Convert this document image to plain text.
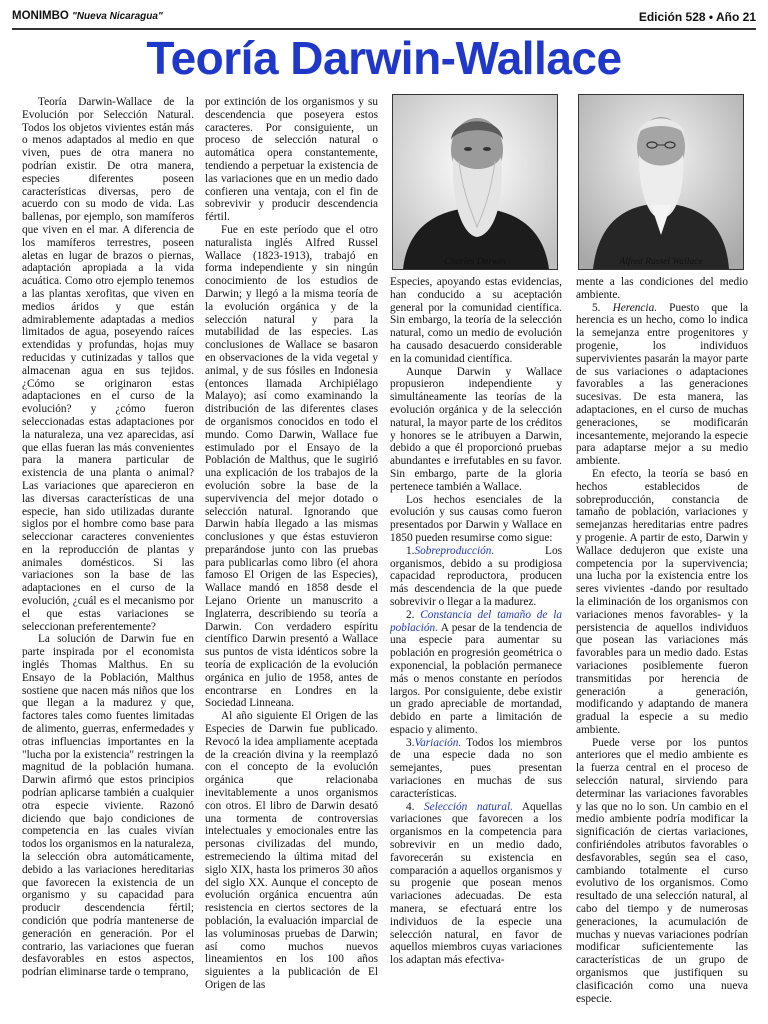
MONIMBO "Nueva Nicaragua"	Edición 528 • Año 21
Teoría Darwin-Wallace
Charles Darwin	Alfred Russel Wallace

Teoría Darwin-Wallace de la Evolución por Selección Natural. Todos los objetos vivientes están más o menos adaptados al medio en que viven, pues de otra manera no podrían existir. De otra manera, especies diferentes poseen características diversas, pero de acuerdo con su modo de vida. Las ballenas, por ejemplo, son mamíferos que viven en el mar. A diferencia de los mamíferos terrestres, poseen aletas en lugar de brazos o piernas, adaptación apropiada a la vida acuática. Como otro ejemplo tenemos a las plantas xerofitas, que viven en medios áridos y que están admirablemente adaptadas a medios limitados de agua, poseyendo raíces extendidas y profundas, hojas muy reducidas y cutinizadas y tallos que almacenan agua en sus tejidos. ¿Cómo se originaron estas adaptaciones en el curso de la evolución? y ¿cómo fueron seleccionadas estas adaptaciones por la naturaleza, una vez aparecidas, así que ellas fueran las más convenientes para la manera particular de existencia de una planta o animal? Las variaciones que aparecieron en las diversas características de una especie, han sido utilizadas durante siglos por el hombre como base para seleccionar caracteres convenientes en la reproducción de plantas y animales domésticos. Si las variaciones son la base de las adaptaciones en el curso de la evolución, ¿cuál es el mecanismo por el que estas variaciones se seleccionan preferentemente?

La solución de Darwin fue en parte inspirada por el economista inglés Thomas Malthus. En su Ensayo de la Población, Malthus sostiene que nacen más niños que los que llegan a la madurez y que, factores tales como fuentes limitadas de alimento, guerras, enfermedades y otras influencias importantes en la "lucha por la existencia" restringen la magnitud de la población humana. Darwin afirmó que estos principios podrían aplicarse también a cualquier otra especie viviente. Razonó diciendo que bajo condiciones de competencia en las cuales vivían todos los organismos en la naturaleza, la selección obra automáticamente, debido a las variaciones hereditarias que favorecen la existencia de un organismo y su capacidad para producir descendencia fértil; condición que podría mantenerse de generación en generación. Por el contrario, las variaciones que fueran desfavorables en estos aspectos, podrían eliminarse tarde o temprano,

por extinción de los organismos y su descendencia que poseyera estos caracteres. Por consiguiente, un proceso de selección natural o automática opera constantemente, tendiendo a perpetuar la existencia de las variaciones que en un medio dado confieren una ventaja, con el fin de sobrevivir y producir descendencia fértil.

Fue en este período que el otro naturalista inglés Alfred Russel Wallace (1823-1913), trabajó en forma independiente y sin ningún conocimiento de los estudios de Darwin; y llegó a la misma teoría de la evolución orgánica y de la selección natural y para la mutabilidad de las especies. Las conclusiones de Wallace se basaron en observaciones de la vida vegetal y animal, y de sus fósiles en Indonesia (entonces llamada Archipiélago Malayo); así como examinando la distribución de las diferentes clases de organismos conocidos en todo el mundo. Como Darwin, Wallace fue estimulado por el Ensayo de la Población de Malthus, que le sugirió una explicación de los trabajos de la evolución sobre la base de la supervivencia del mejor dotado o selección natural. Ignorando que Darwin había llegado a las mismas conclusiones y que éstas estuvieron preparándose junto con las pruebas para publicarlas como libro (el ahora famoso El Origen de las Especies), Wallace mandó en 1858 desde el Lejano Oriente un manuscrito a Inglaterra, describiendo su teoría a Darwin. Con verdadero espíritu científico Darwin presentó a Wallace sus puntos de vista idénticos sobre la teoría de explicación de la evolución orgánica en julio de 1958, antes de encontrarse en Londres en la Sociedad Linneana.

Al año siguiente El Origen de las Especies de Darwin fue publicado. Revocó la idea ampliamente aceptada de la creación divina y la reemplazó con el concepto de la evolución orgánica que relacionaba inevitablemente a unos organismos con otros. El libro de Darwin desató una tormenta de controversias intelectuales y emocionales entre las personas civilizadas del mundo, estremeciendo la última mitad del siglo XIX, hasta los primeros 30 años del siglo XX. Aunque el concepto de evolución orgánica encuentra aún resistencia en ciertos sectores de la población, la evaluación imparcial de las voluminosas pruebas de Darwin; así como muchos nuevos lineamientos en los 100 años siguientes a la publicación de El Origen de las

Especies, apoyando estas evidencias, han conducido a su aceptación general por la comunidad científica. Sin embargo, la teoría de la selección natural, como un medio de evolución ha causado desacuerdo considerable en la comunidad científica.

Aunque Darwin y Wallace propusieron independiente y simultáneamente las teorías de la evolución orgánica y de la selección natural, la mayor parte de los créditos y honores se le atribuyen a Darwin, debido a que él proporcionó pruebas abundantes e irrefutables en su favor. Sin embargo, parte de la gloria pertenece también a Wallace.

Los hechos esenciales de la evolución y sus causas como fueron presentados por Darwin y Wallace en 1850 pueden resumirse como sigue:

1.Sobreproducción. Los organismos, debido a su prodigiosa capacidad reproductora, producen más descendencia de la que puede sobrevivir o llegar a la madurez.

2. Constancia del tamaño de la población. A pesar de la tendencia de una especie para aumentar su población en progresión geométrica o exponencial, la población permanece más o menos constante en períodos largos. Por consiguiente, debe existir un grado apreciable de mortandad, debido en parte a limitación de espacio y alimento.

3.Variación. Todos los miembros de una especie dada no son semejantes, pues presentan variaciones en muchas de sus características.

4. Selección natural. Aquellas variaciones que favorecen a los organismos en la competencia para sobrevivir en un medio dado, favorecerán su existencia en comparación a aquellos organismos y su progenie que posean menos variaciones adecuadas. De esta manera, se efectuará entre los individuos de la especie una selección natural, en favor de aquellos miembros cuyas variaciones los adaptan más efectiva-

mente a las condiciones del medio ambiente.

5. Herencia. Puesto que la herencia es un hecho, como lo indica la semejanza entre progenitores y progenie, los individuos supervivientes pasarán la mayor parte de sus variaciones o adaptaciones favorables a las generaciones sucesivas. De esta manera, las adaptaciones, en el curso de muchas generaciones, se modificarán incesantemente, mejorando la especie para adaptarse mejor a su medio ambiente.

En efecto, la teoría se basó en hechos establecidos de sobreproducción, constancia de tamaño de población, variaciones y semejanzas hereditarias entre padres y progenie. A partir de esto, Darwin y Wallace dedujeron que existe una competencia por la supervivencia; una lucha por la existencia entre los seres vivientes -dando por resultado la eliminación de los organismos con variaciones menos favorables- y la persistencia de aquellos individuos que posean las variaciones más favorables para un medio dado. Estas variaciones posiblemente fueron transmitidas por herencia de generación a generación, modificando y adaptando de manera gradual la especie a su medio ambiente.

Puede verse por los puntos anteriores que el medio ambiente es la fuerza central en el proceso de selección natural, sirviendo para determinar las variaciones favorables y las que no lo son. Un cambio en el medio ambiente podría modificar la significación de ciertas variaciones, confiriéndoles atributos favorables o desfavorables, según sea el caso, cambiando totalmente el curso evolutivo de los organismos. Como resultado de una selección natural, al cabo del tiempo y de numerosas generaciones, la acumulación de muchas y nuevas variaciones podrían modificar suficientemente las características de un grupo de organismos que justifiquen su clasificación como una nueva especie.
